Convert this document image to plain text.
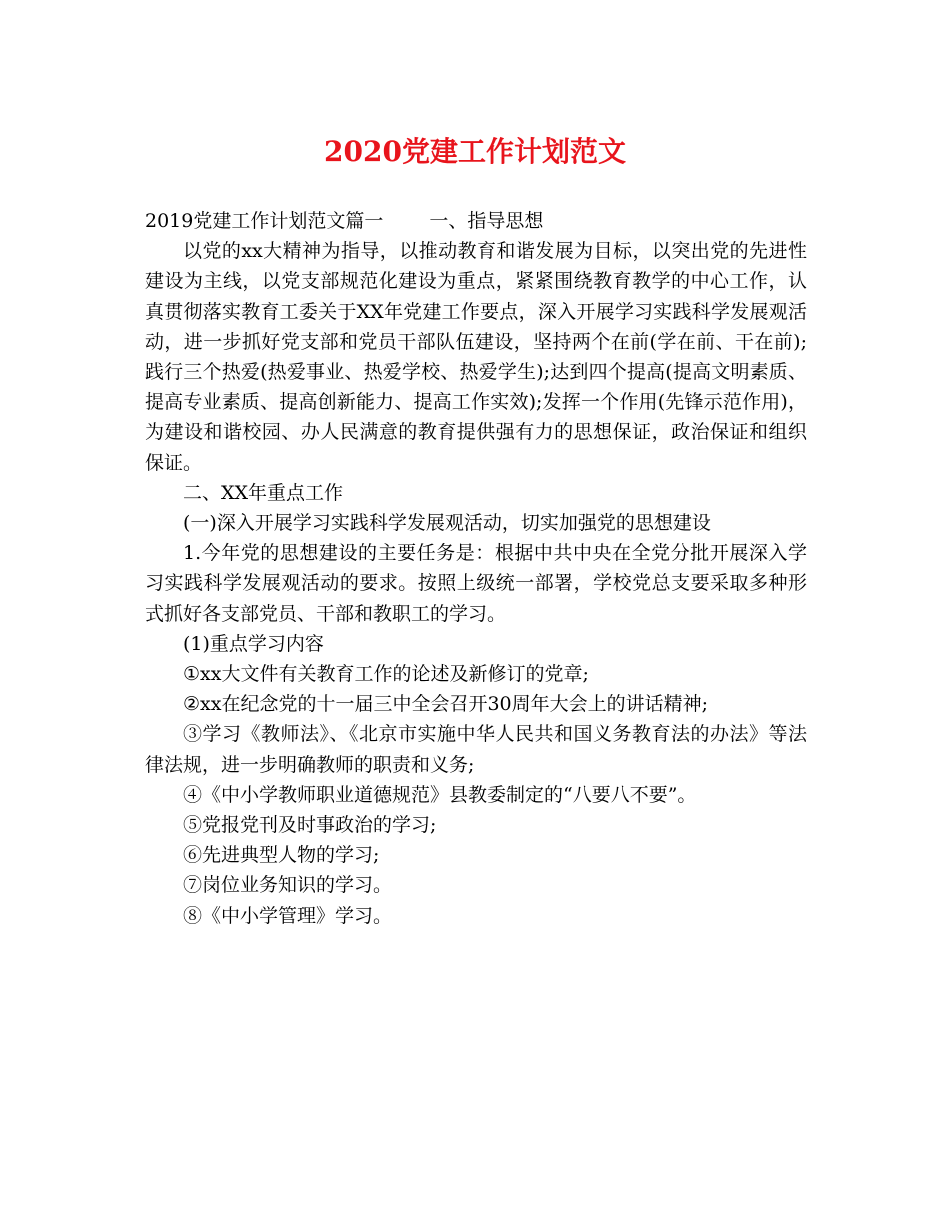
2020党建工作计划范文

2019党建工作计划范文篇一 一、指导思想

以党的xx大精神为指导，以推动教育和谐发展为目标，以突出党的先进性建设为主线，以党支部规范化建设为重点，紧紧围绕教育教学的中心工作，认真贯彻落实教育工委关于XX年党建工作要点，深入开展学习实践科学发展观活动，进一步抓好党支部和党员干部队伍建设，坚持两个在前(学在前、干在前);践行三个热爱(热爱事业、热爱学校、热爱学生);达到四个提高(提高文明素质、提高专业素质、提高创新能力、提高工作实效);发挥一个作用(先锋示范作用)，为建设和谐校园、办人民满意的教育提供强有力的思想保证，政治保证和组织保证。

二、XX年重点工作

(一)深入开展学习实践科学发展观活动，切实加强党的思想建设

1.今年党的思想建设的主要任务是：根据中共中央在全党分批开展深入学习实践科学发展观活动的要求。按照上级统一部署，学校党总支要采取多种形式抓好各支部党员、干部和教职工的学习。

(1)重点学习内容

①xx大文件有关教育工作的论述及新修订的党章;

②xx在纪念党的十一届三中全会召开30周年大会上的讲话精神;

③学习《教师法》、《北京市实施中华人民共和国义务教育法的办法》等法律法规，进一步明确教师的职责和义务;

④《中小学教师职业道德规范》县教委制定的“八要八不要”。

⑤党报党刊及时事政治的学习;

⑥先进典型人物的学习;

⑦岗位业务知识的学习。

⑧《中小学管理》学习。
